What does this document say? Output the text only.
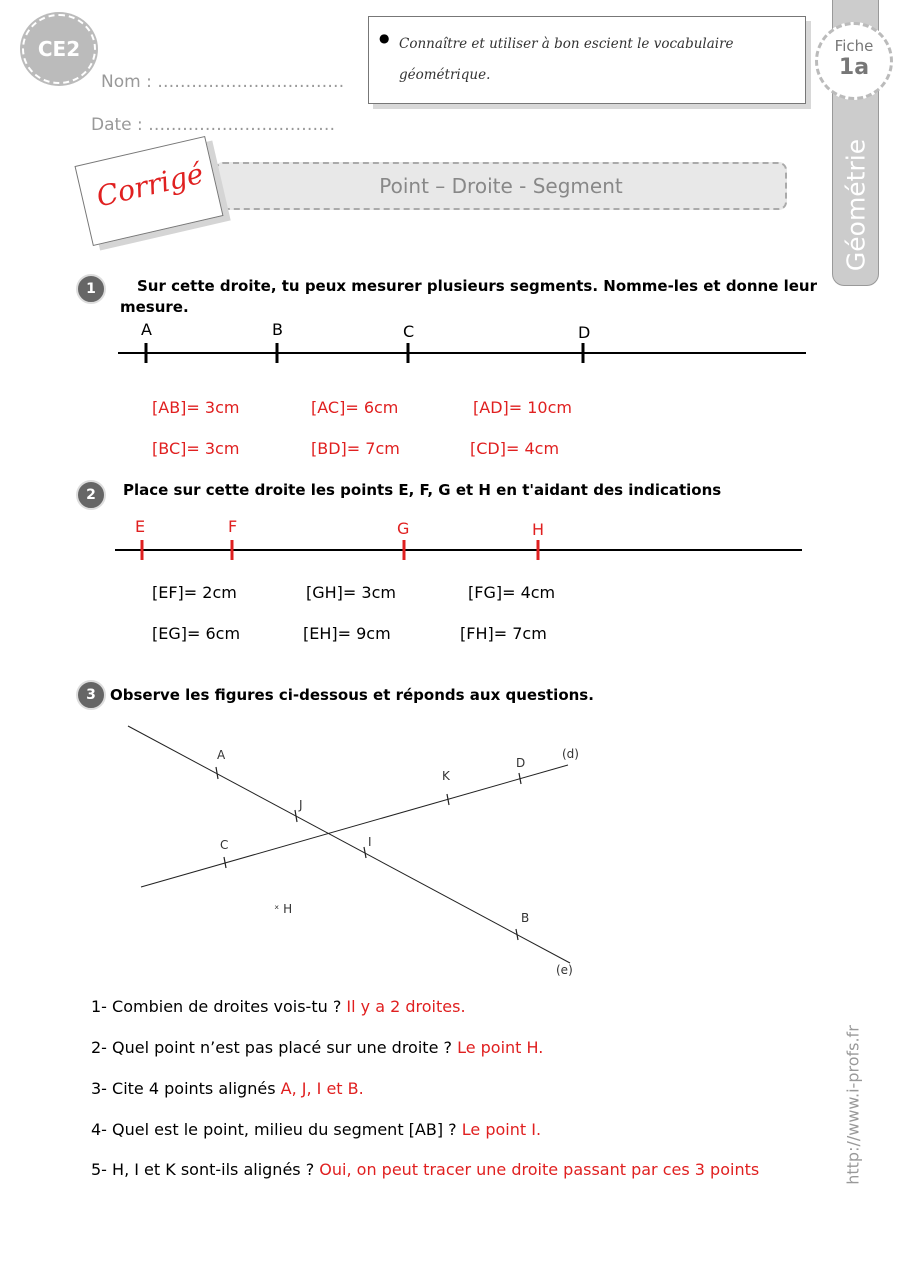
CE2
Nom : ……………………………
Date : ……………………………
● Connaître et utiliser à bon escient le vocabulaire géométrique.
Géométrie
Fiche
1a
Point – Droite - Segment
Corrigé
1	Sur cette droite, tu peux mesurer plusieurs segments. Nomme-les et donne leur
mesure.
A	B	C	D
[AB]= 3cm	[AC]= 6cm	[AD]= 10cm
[BC]= 3cm	[BD]= 7cm	[CD]= 4cm
2	Place sur cette droite les points E, F, G et H en t'aidant des indications
E	F	G	H
[EF]= 2cm	[GH]= 3cm	[FG]= 4cm
[EG]= 6cm	[EH]= 9cm	[FH]= 7cm
3 Observe les figures ci-dessous et réponds aux questions.
A
J
I
C
K
D
(d)
B
(e)
ˣ H
1- Combien de droites vois-tu ? Il y a 2 droites.
2- Quel point n’est pas placé sur une droite ? Le point H.
3- Cite 4 points alignés A, J, I et B.
4- Quel est le point, milieu du segment [AB] ? Le point I.
5- H, I et K sont-ils alignés ? Oui, on peut tracer une droite passant par ces 3 points	http://www.i-profs.fr
